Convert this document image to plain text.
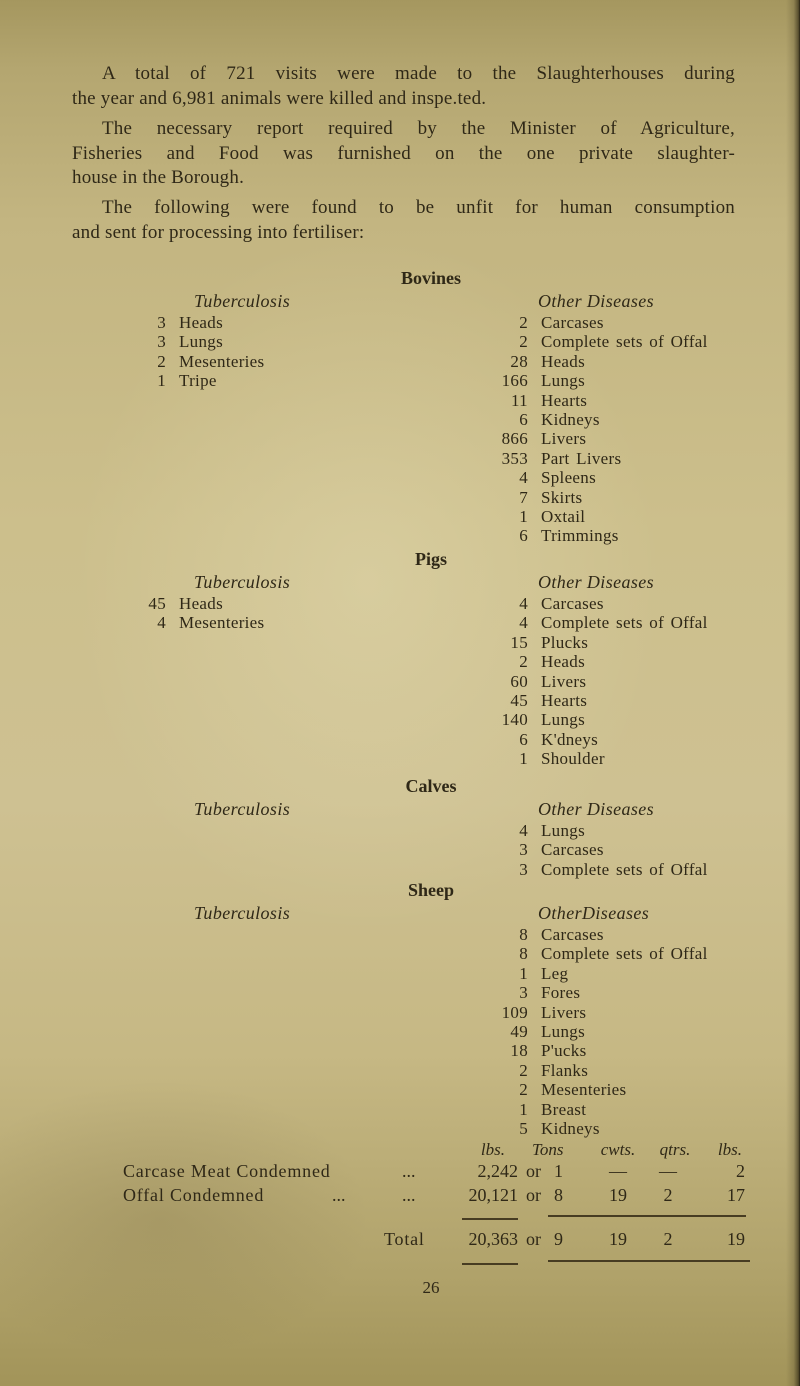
A total of 721 visits were made to the Slaughterhouses during
the year and 6,981 animals were killed and inspe.ted.
The necessary report required by the Minister of Agriculture,
Fisheries and Food was furnished on the one private slaughter-
house in the Borough.
The following were found to be unfit for human consumption
and sent for processing into fertiliser:
Bovines
Tuberculosis
3 Heads
3 Lungs
2 Mesenteries
1 Tripe
Other Diseases
2 Carcases
2 Complete sets of Offal
28 Heads
166 Lungs
11 Hearts
6 Kidneys
866 Livers
353 Part Livers
4 Spleens
7 Skirts
1 Oxtail
6 Trimmings
Pigs
Tuberculosis
45 Heads
4 Mesenteries
Other Diseases
4 Carcases
4 Complete sets of Offal
15 Plucks
2 Heads
60 Livers
45 Hearts
140 Lungs
6 K'dneys
1 Shoulder
Calves
Tuberculosis	Other Diseases
4 Lungs
3 Carcases
3 Complete sets of Offal
Sheep
Tuberculosis	OtherDiseases
8 Carcases
8 Complete sets of Offal
1 Leg
3 Fores
109 Livers
49 Lungs
18 P'ucks
2 Flanks
2 Mesenteries
1 Breast
5 Kidneys
lbs. Tons	cwts.	qtrs.	lbs.
Carcase Meat Condemned	...	2,242 or 1	—	—	2
Offal Condemned	...	...	20,121 or 8	19	2	17
Total	20,363 or 9	19	2	19
26
